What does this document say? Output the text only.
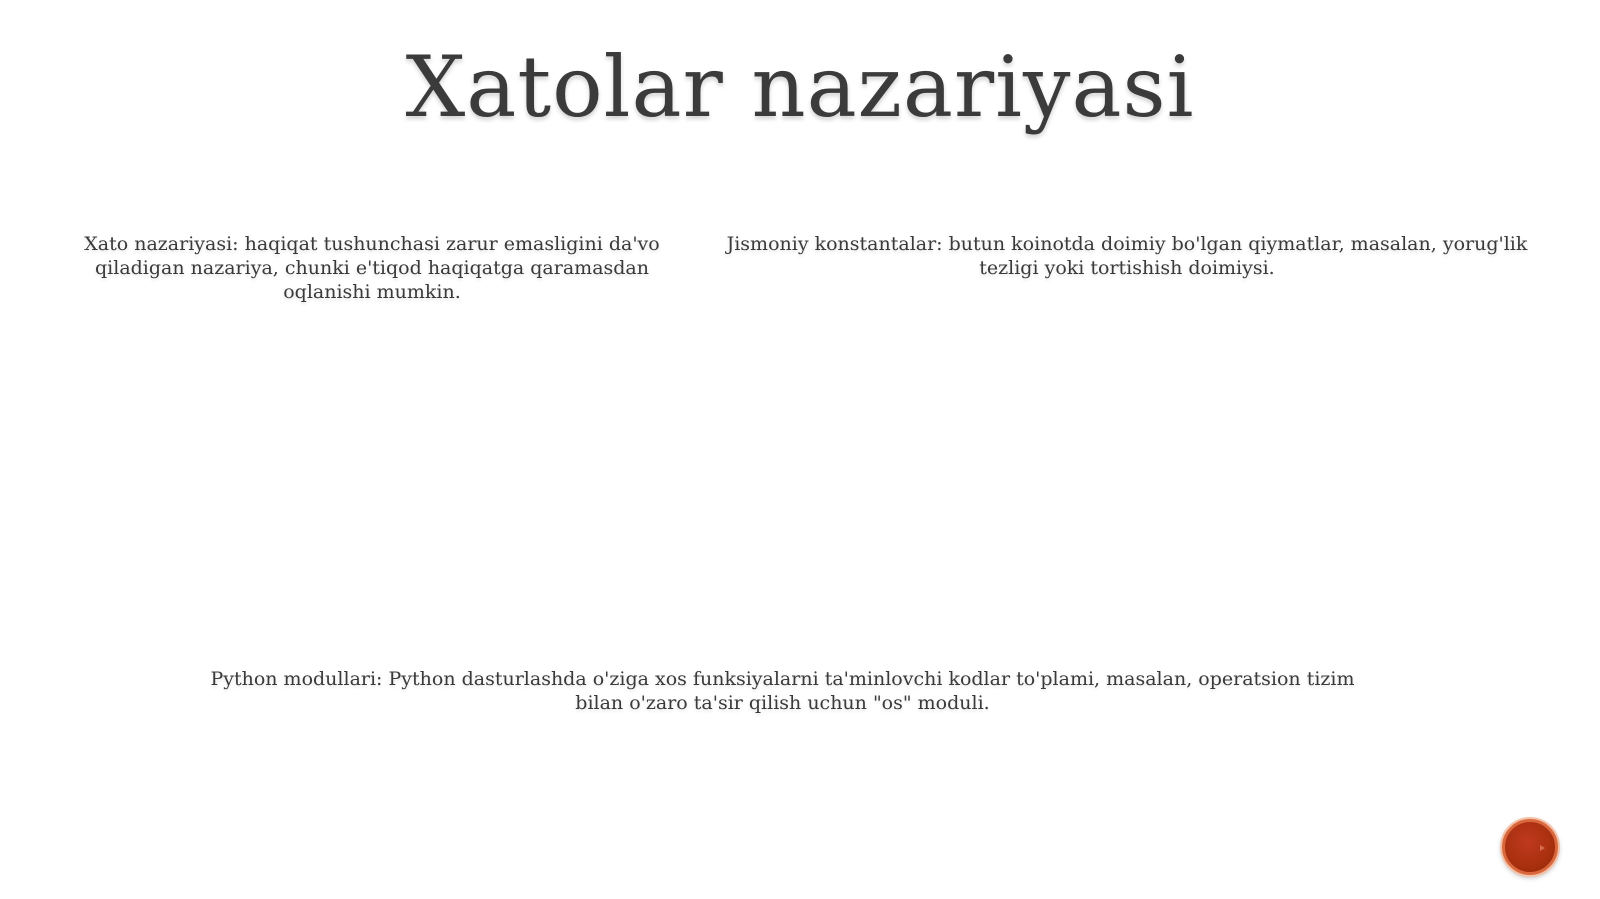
Xatolar nazariyasi
Xato nazariyasi: haqiqat tushunchasi zarur emasligini da'vo qiladigan nazariya, chunki e'tiqod haqiqatga qaramasdan oqlanishi mumkin.
Jismoniy konstantalar: butun koinotda doimiy bo'lgan qiymatlar, masalan, yorug'lik tezligi yoki tortishish doimiysi.
Python modullari: Python dasturlashda o'ziga xos funksiyalarni ta'minlovchi kodlar to'plami, masalan, operatsion tizim bilan o'zaro ta'sir qilish uchun "os" moduli.
